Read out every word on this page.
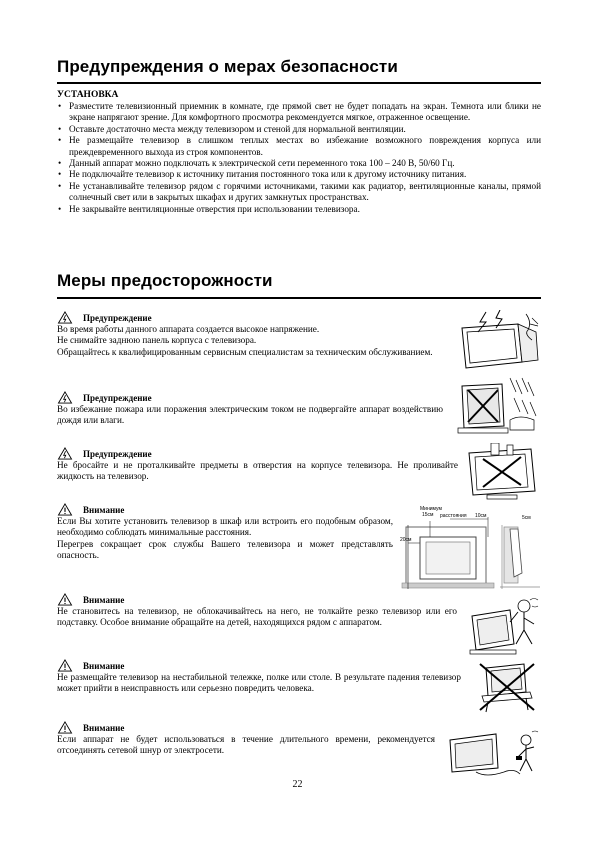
Предупреждения о мерах безопасности
УСТАНОВКА
• Разместите телевизионный приемник в комнате, где прямой свет не будет попадать на экран. Темнота или блики не экране напрягают зрение. Для комфортного просмотра рекомендуется мягкое, отраженное освещение.
• Оставьте достаточно места между телевизором и стеной для нормальной вентиляции.
• Не размещайте телевизор в слишком теплых местах во избежание возможного повреждения корпуса или преждевременного выхода из строя компонентов.
• Данный аппарат можно подключать к электрической сети переменного тока 100 – 240 В, 50/60 Гц.
• Не подключайте телевизор к источнику питания постоянного тока или к другому источнику питания.
• Не устанавливайте телевизор рядом с горячими источниками, такими как радиатор, вентиляционные каналы, прямой солнечный свет или в закрытых шкафах и других замкнутых пространствах.
• Не закрывайте вентиляционные отверстия при использовании телевизора.
Меры предосторожности
Предупреждение

Во время работы данного аппарата создается высокое напряжение.

Не снимайте заднюю панель корпуса с телевизора.

Обращайтесь к квалифицированным сервисным специалистам за техническим обслуживанием.

Предупреждение

Во избежание пожара или поражения электрическим током не подвергайте аппарат воздействию дождя или влаги.

Предупреждение

Не бросайте и не проталкивайте предметы в отверстия на корпусе телевизора. Не проливайте жидкость на телевизор.

Внимание

Если Вы хотите установить телевизор в шкаф или встроить его подобным образом, необходимо соблюдать минимальные расстояния.

Перегрев сокращает срок службы Вашего телевизора и может представлять опасность.

Внимание

Не становитесь на телевизор, не облокачивайтесь на него, не толкайте резко телевизор или его подставку. Особое внимание обращайте на детей, находящихся рядом с аппаратом.

Внимание

Не размещайте телевизор на нестабильной тележке, полке или столе. В результате падения телевизор может прийти в неисправность или серьезно повредить человека.

Внимание

Если аппарат не будет использоваться в течение длительного времени, рекомендуется отсоединять сетевой шнур от электросети.

Минимум
15см расстояния 10см	5см
20см
22
